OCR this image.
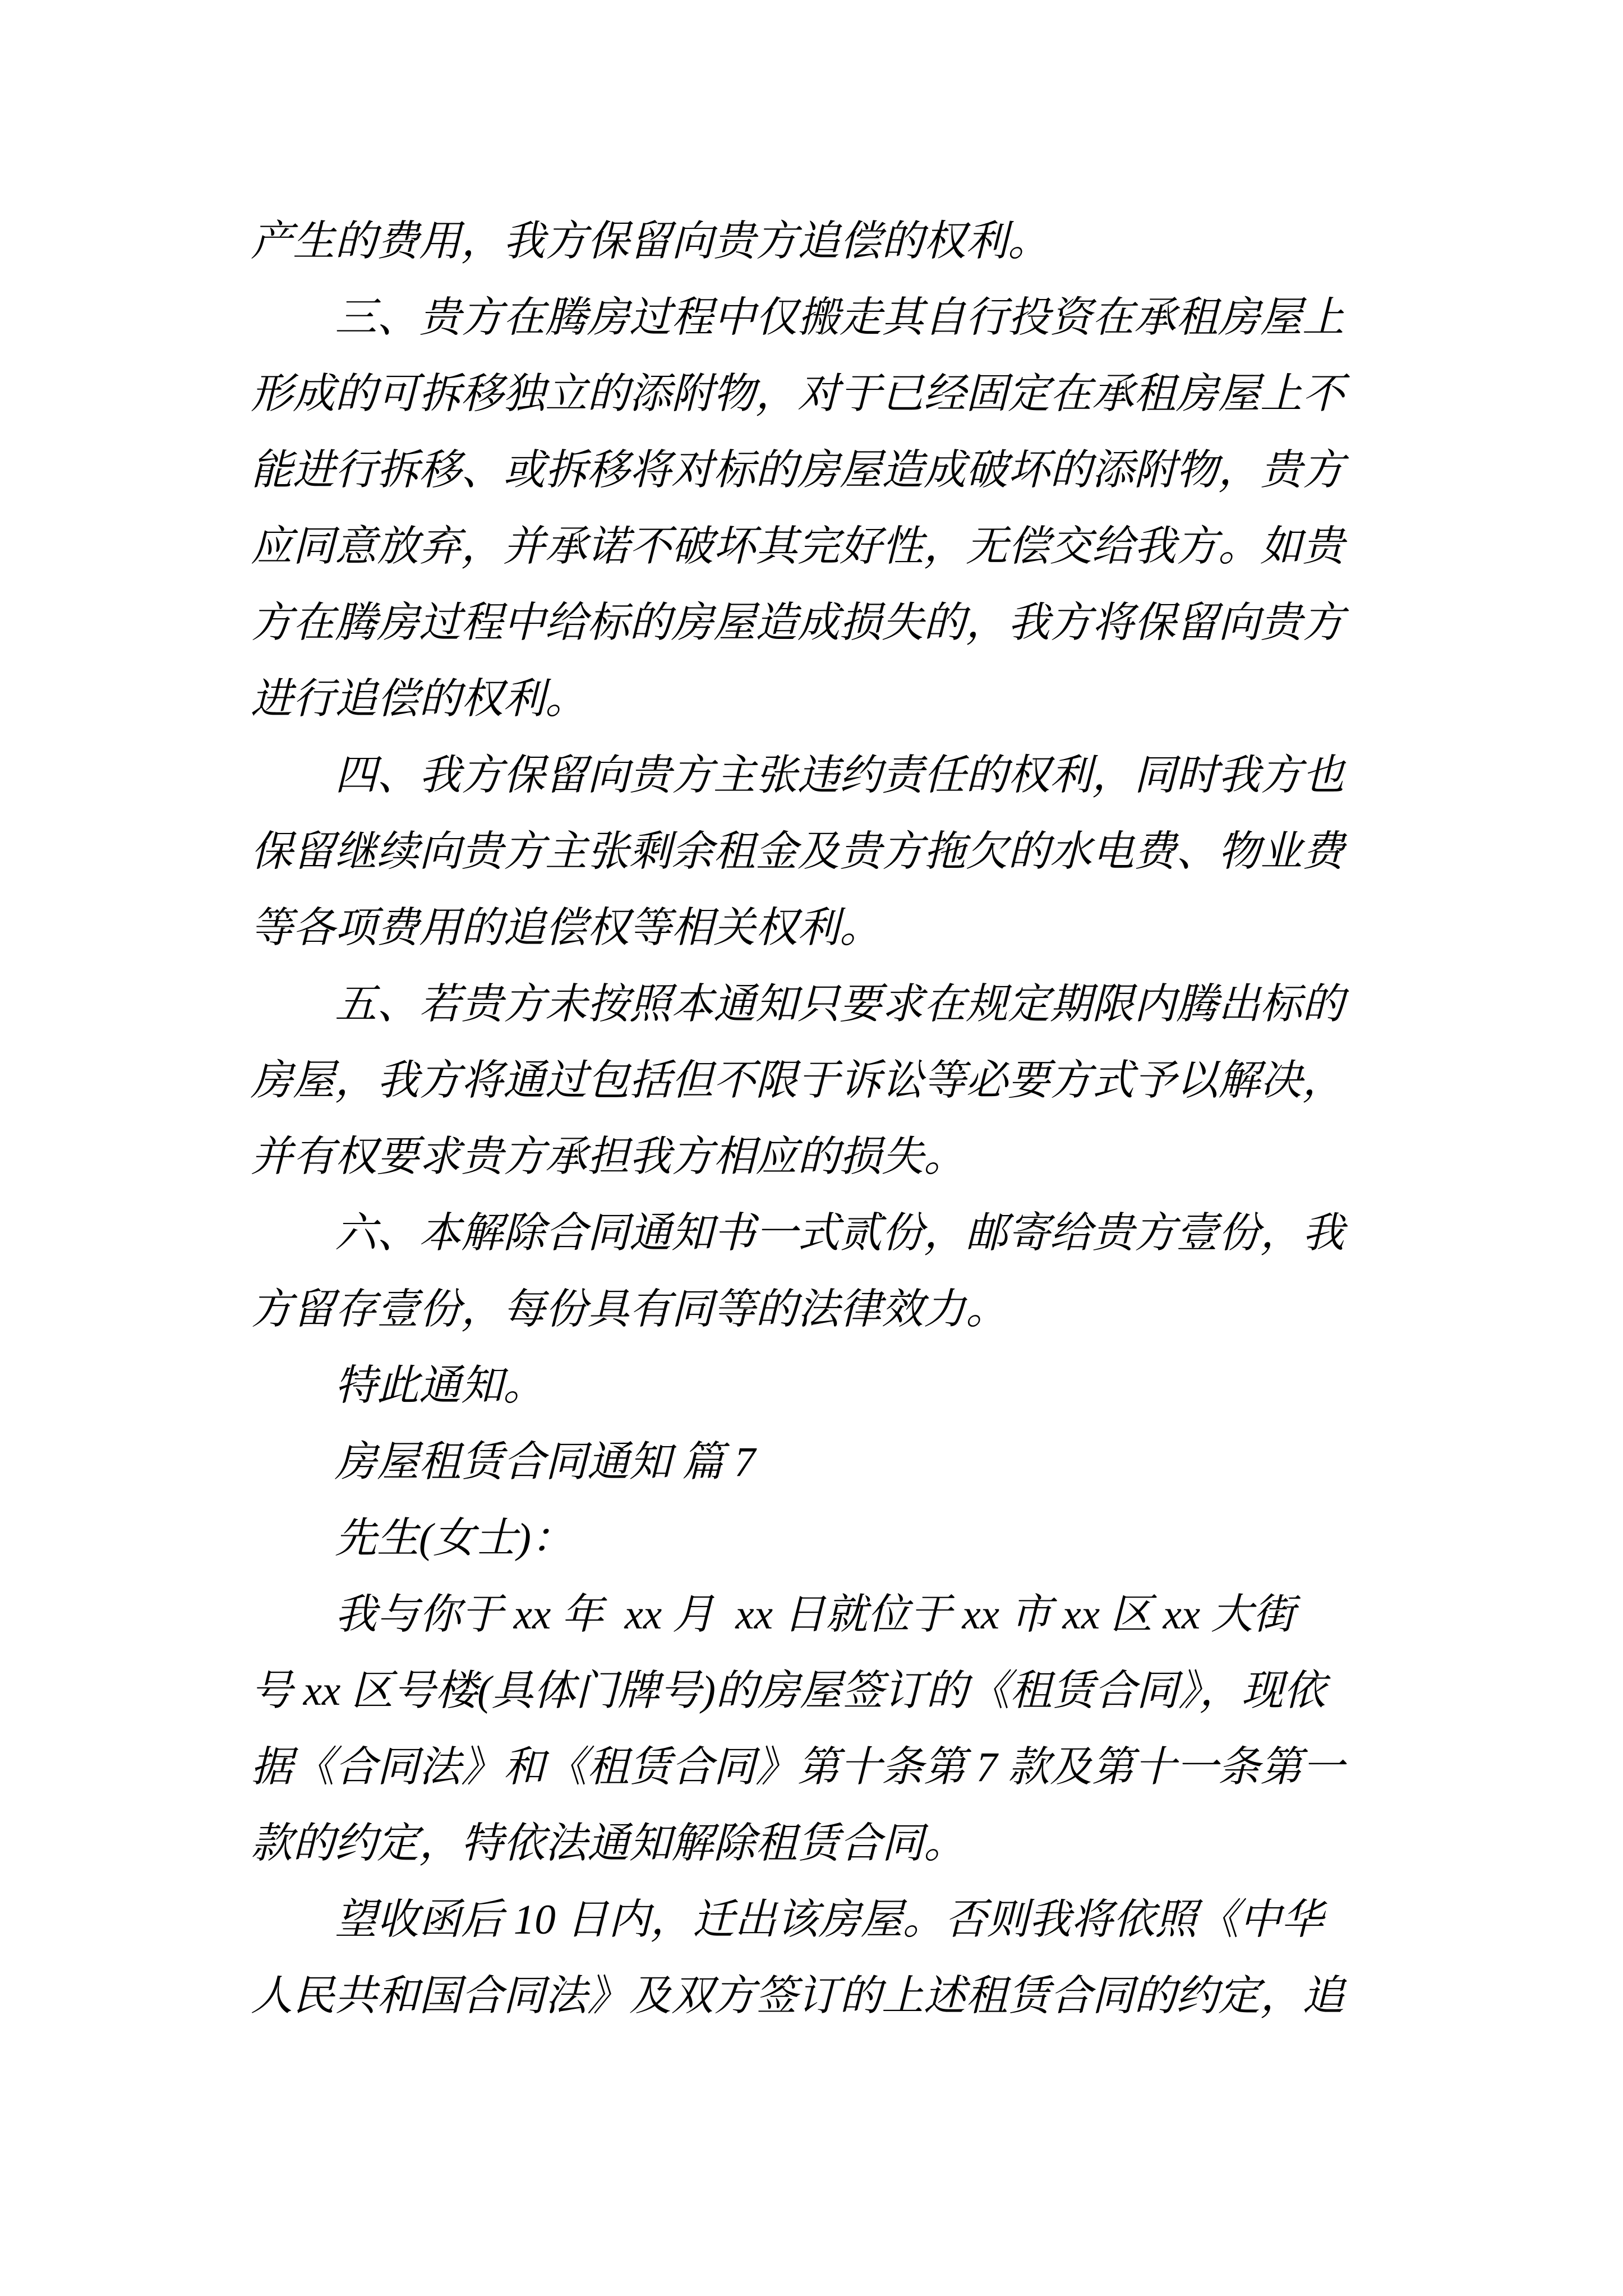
产生的费用，我方保留向贵方追偿的权利。
三、贵方在腾房过程中仅搬走其自行投资在承租房屋上
形成的可拆移独立的添附物，对于已经固定在承租房屋上不
能进行拆移、或拆移将对标的房屋造成破坏的添附物，贵方
应同意放弃，并承诺不破坏其完好性，无偿交给我方。如贵
方在腾房过程中给标的房屋造成损失的，我方将保留向贵方
进行追偿的权利。
四、我方保留向贵方主张违约责任的权利，同时我方也
保留继续向贵方主张剩余租金及贵方拖欠的水电费、物业费
等各项费用的追偿权等相关权利。
五、若贵方未按照本通知只要求在规定期限内腾出标的
房屋，我方将通过包括但不限于诉讼等必要方式予以解决，
并有权要求贵方承担我方相应的损失。
六、本解除合同通知书一式贰份，邮寄给贵方壹份，我
方留存壹份，每份具有同等的法律效力。
特此通知。
房屋租赁合同通知 篇 7
先生(女士)：
我与你于 xx 年  xx 月  xx 日就位于 xx 市 xx 区 xx 大街
号 xx 区号楼(具体门牌号)的房屋签订的《租赁合同》，现依
据《合同法》和《租赁合同》第十条第 7 款及第十一条第一
款的约定，特依法通知解除租赁合同。
望收函后 10 日内，迁出该房屋。否则我将依照《中华
人民共和国合同法》及双方签订的上述租赁合同的约定，追
